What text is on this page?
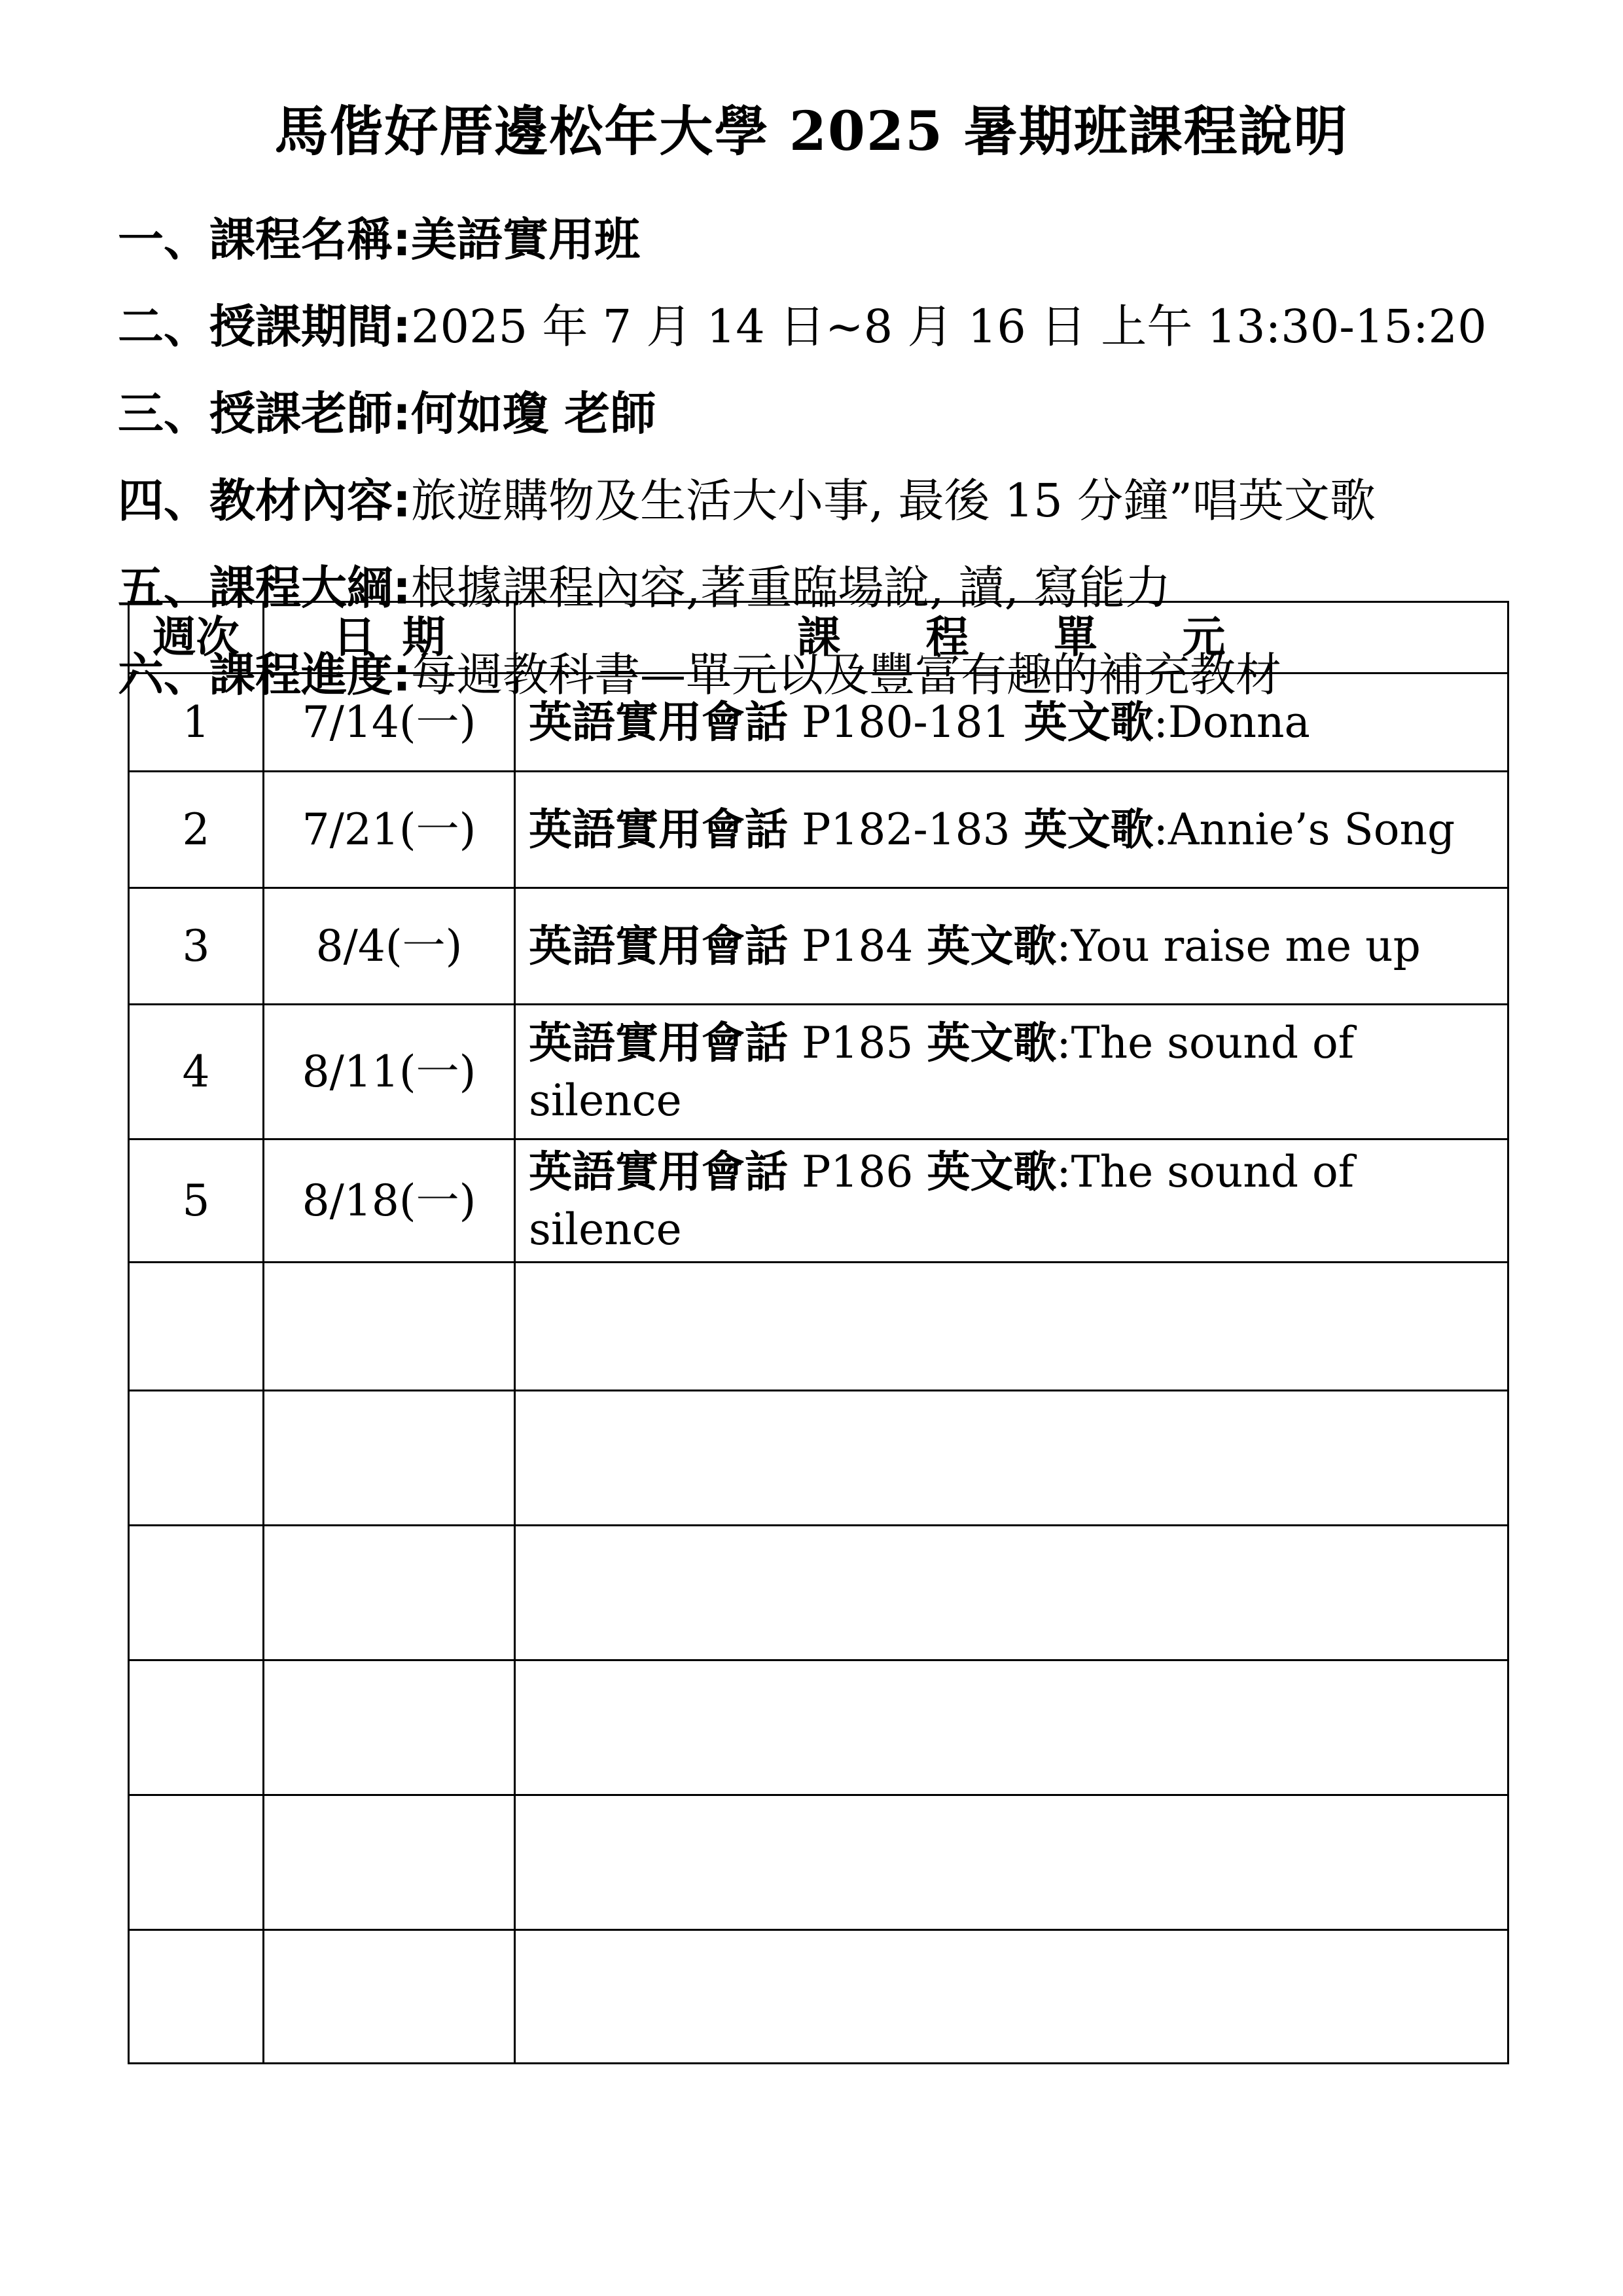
馬偕好厝邊松年大學 2025 暑期班課程說明
一、課程名稱:美語實用班
二、授課期間:2025 年 7 月 14 日~8 月 16 日 上午 13:30-15:20
三、授課老師:何如瓊 老師
四、教材內容:旅遊購物及生活大小事, 最後 15 分鐘”唱英文歌
五、課程大綱:根據課程內容,著重臨場說, 讀, 寫能力
六、課程進度:每週教科書—單元以及豐富有趣的補充教材
週次	日期	課程單元
1	7/14(一)	英語實用會話 P180-181 英文歌:Donna
2	7/21(一)	英語實用會話 P182-183 英文歌:Annie’s Song
3	8/4(一)	英語實用會話 P184 英文歌:You raise me up
4	8/11(一)	英語實用會話 P185 英文歌:The sound of silence
5	8/18(一)	英語實用會話 P186 英文歌:The sound of silence
